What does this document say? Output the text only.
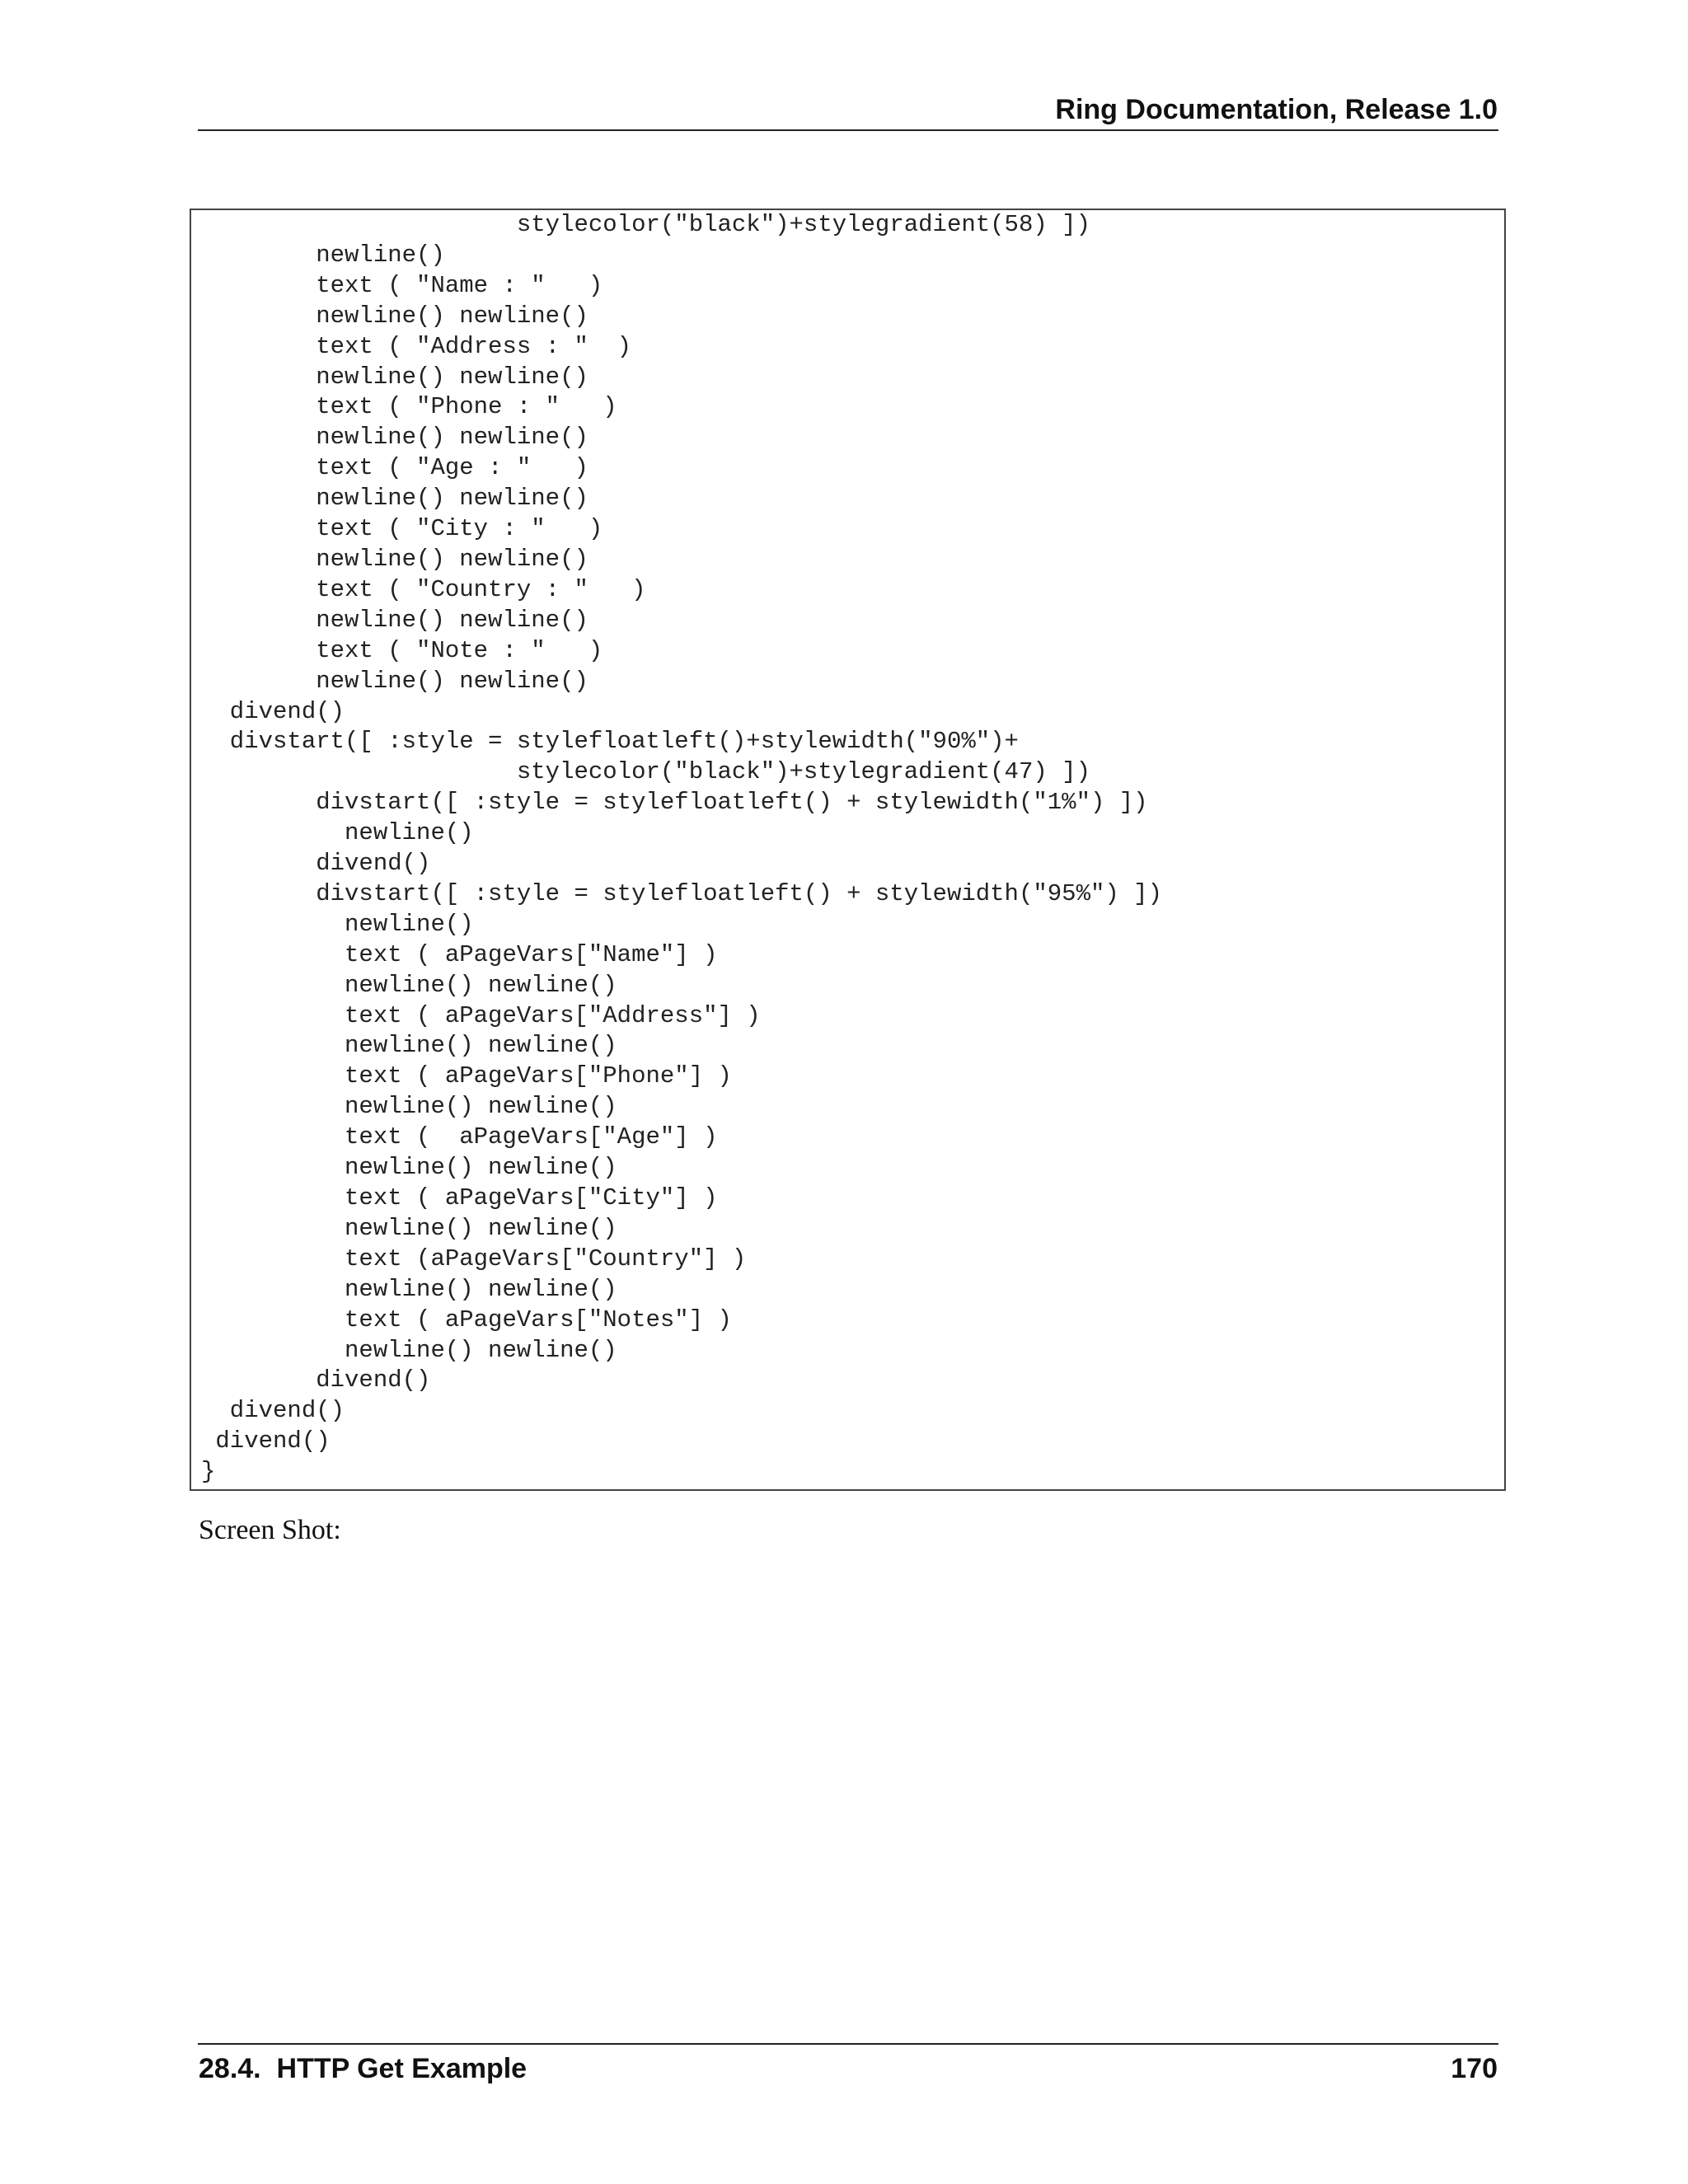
Ring Documentation, Release 1.0
stylecolor("black")+stylegradient(58) ])
newline()
text ( "Name : "   )
newline() newline()
text ( "Address : "  )
newline() newline()
text ( "Phone : "   )
newline() newline()
text ( "Age : "   )
newline() newline()
text ( "City : "   )
newline() newline()
text ( "Country : "   )
newline() newline()
text ( "Note : "   )
newline() newline()
divend()
divstart([ :style = stylefloatleft()+stylewidth("90%")+
stylecolor("black")+stylegradient(47) ])
divstart([ :style = stylefloatleft() + stylewidth("1%") ])
newline()
divend()
divstart([ :style = stylefloatleft() + stylewidth("95%") ])
newline()
text ( aPageVars["Name"] )
newline() newline()
text ( aPageVars["Address"] )
newline() newline()
text ( aPageVars["Phone"] )
newline() newline()
text (  aPageVars["Age"] )
newline() newline()
text ( aPageVars["City"] )
newline() newline()
text (aPageVars["Country"] )
newline() newline()
text ( aPageVars["Notes"] )
newline() newline()
divend()
divend()
divend()
}
Screen Shot:
28.4.  HTTP Get Example	170
